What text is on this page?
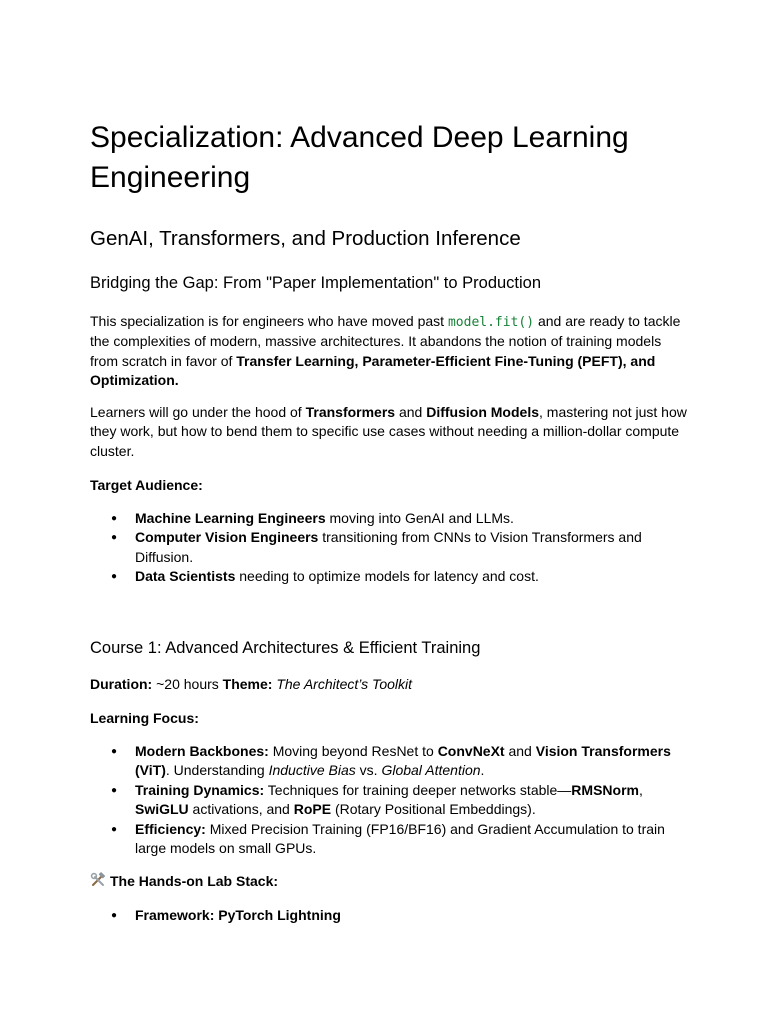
Specialization: Advanced Deep Learning Engineering
GenAI, Transformers, and Production Inference
Bridging the Gap: From "Paper Implementation" to Production

This specialization is for engineers who have moved past model.fit() and are ready to tackle the complexities of modern, massive architectures. It abandons the notion of training models from scratch in favor of Transfer Learning, Parameter-Efficient Fine-Tuning (PEFT), and Optimization.

Learners will go under the hood of Transformers and Diffusion Models, mastering not just how they work, but how to bend them to specific use cases without needing a million-dollar compute cluster.

Target Audience:

● Machine Learning Engineers moving into GenAI and LLMs.
● Computer Vision Engineers transitioning from CNNs to Vision Transformers and Diffusion.
● Data Scientists needing to optimize models for latency and cost.
Course 1: Advanced Architectures & Efficient Training

Duration: ~20 hours Theme: The Architect’s Toolkit

Learning Focus:

● Modern Backbones: Moving beyond ResNet to ConvNeXt and Vision Transformers (ViT). Understanding Inductive Bias vs. Global Attention.
● Training Dynamics: Techniques for training deeper networks stable—RMSNorm, SwiGLU activations, and RoPE (Rotary Positional Embeddings).
● Efficiency: Mixed Precision Training (FP16/BF16) and Gradient Accumulation to train large models on small GPUs.

The Hands-on Lab Stack:

● Framework: PyTorch Lightning
